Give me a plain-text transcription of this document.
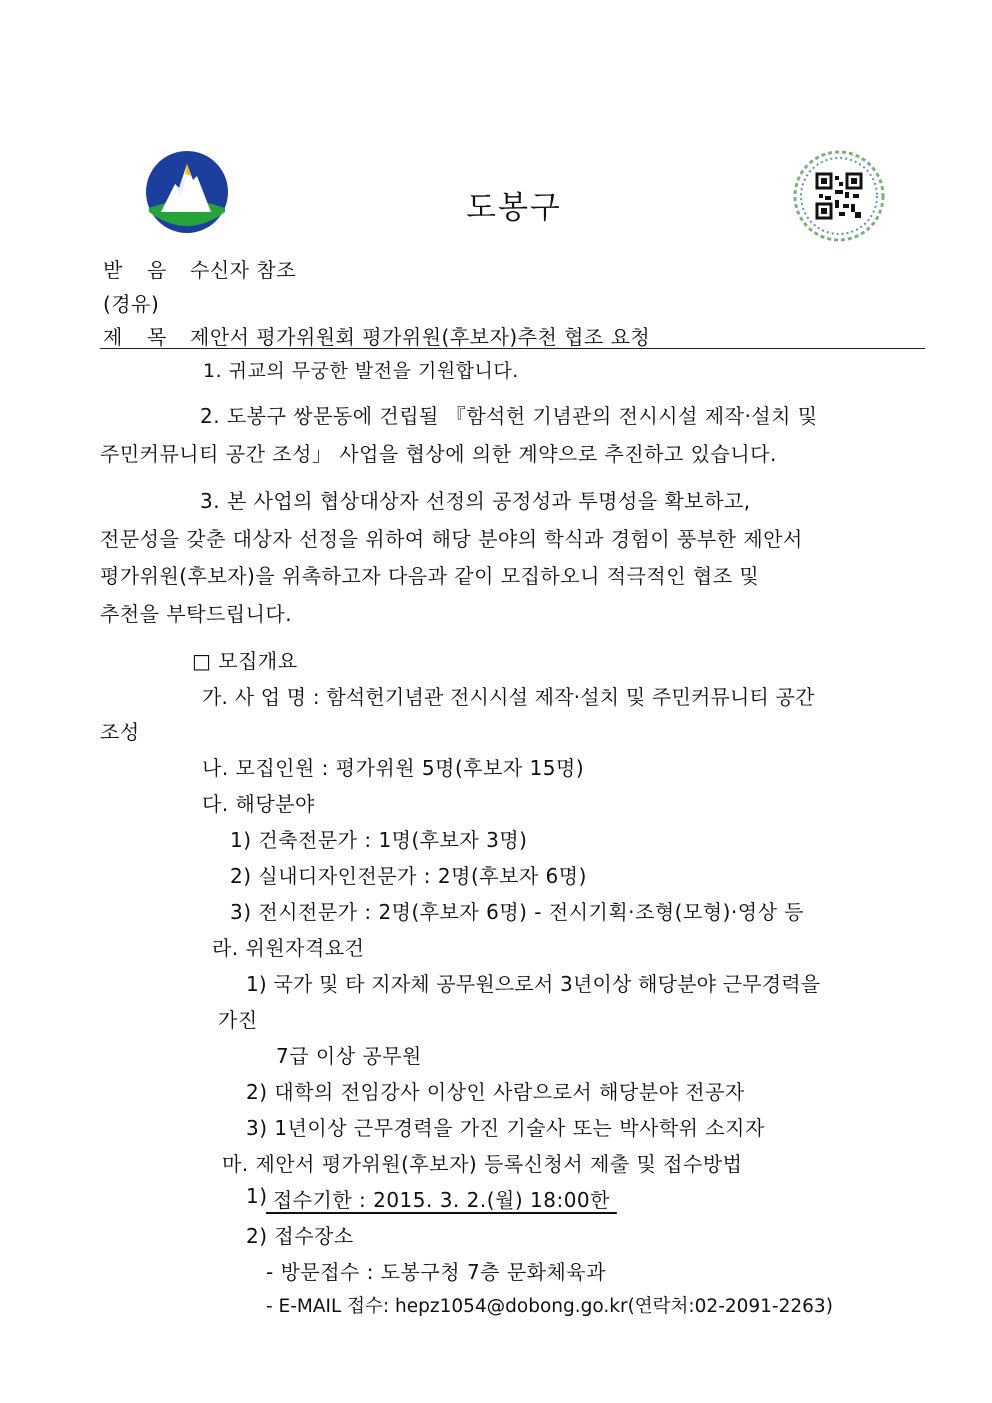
도봉구
받  음 수신자 참조
(경유)
제  목 제안서 평가위원회 평가위원(후보자)추천 협조 요청
1. 귀교의 무궁한 발전을 기원합니다.
2. 도봉구 쌍문동에 건립될 『함석헌 기념관의 전시시설 제작·설치 및
주민커뮤니티 공간 조성」 사업을 협상에 의한 계약으로 추진하고 있습니다.
3. 본 사업의 협상대상자 선정의 공정성과 투명성을 확보하고,
전문성을 갖춘 대상자 선정을 위하여 해당 분야의 학식과 경험이 풍부한 제안서
평가위원(후보자)을 위촉하고자 다음과 같이 모집하오니 적극적인 협조 및
추천을 부탁드립니다.
□ 모집개요
가. 사 업 명 : 함석헌기념관 전시시설 제작·설치 및 주민커뮤니티 공간
조성
나. 모집인원 : 평가위원 5명(후보자 15명)
다. 해당분야
1) 건축전문가 : 1명(후보자 3명)
2) 실내디자인전문가 : 2명(후보자 6명)
3) 전시전문가 : 2명(후보자 6명) - 전시기획·조형(모형)·영상 등
라. 위원자격요건
1) 국가 및 타 지자체 공무원으로서 3년이상 해당분야 근무경력을
가진
7급 이상 공무원
2) 대학의 전임강사 이상인 사람으로서 해당분야 전공자
3) 1년이상 근무경력을 가진 기술사 또는 박사학위 소지자
마. 제안서 평가위원(후보자) 등록신청서 제출 및 접수방법
1)
접수기한 : 2015. 3. 2.(월) 18:00한
2) 접수장소
- 방문접수 : 도봉구청 7층 문화체육과
- E-MAIL 접수: hepz1054@dobong.go.kr(연락처:02-2091-2263)
